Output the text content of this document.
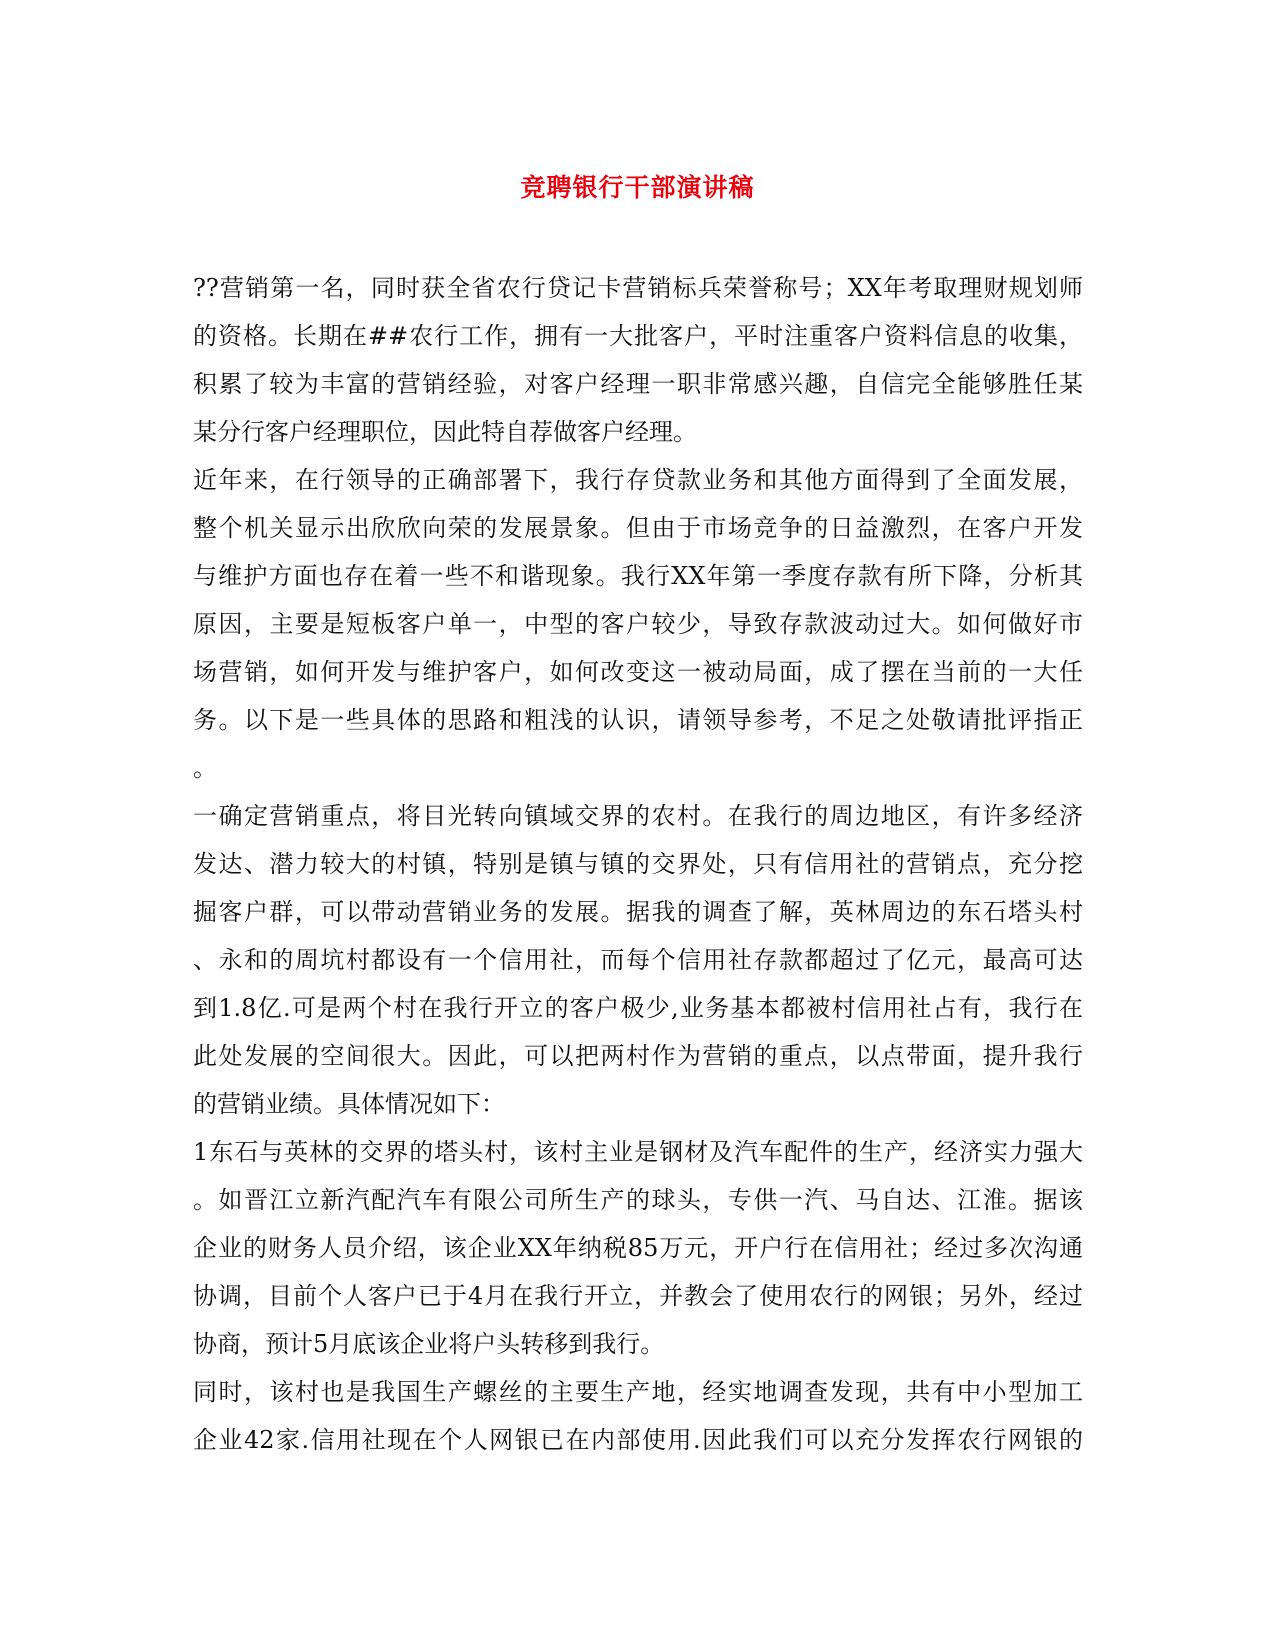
竞聘银行干部演讲稿
??营销第一名，同时获全省农行贷记卡营销标兵荣誉称号；XX年考取理财规划师
的资格。长期在##农行工作，拥有一大批客户，平时注重客户资料信息的收集，
积累了较为丰富的营销经验，对客户经理一职非常感兴趣，自信完全能够胜任某
某分行客户经理职位，因此特自荐做客户经理。
近年来，在行领导的正确部署下，我行存贷款业务和其他方面得到了全面发展，
整个机关显示出欣欣向荣的发展景象。但由于市场竞争的日益激烈，在客户开发
与维护方面也存在着一些不和谐现象。我行XX年第一季度存款有所下降，分析其
原因，主要是短板客户单一，中型的客户较少，导致存款波动过大。如何做好市
场营销，如何开发与维护客户，如何改变这一被动局面，成了摆在当前的一大任
务。以下是一些具体的思路和粗浅的认识，请领导参考，不足之处敬请批评指正
。
一确定营销重点，将目光转向镇域交界的农村。在我行的周边地区，有许多经济
发达、潜力较大的村镇，特别是镇与镇的交界处，只有信用社的营销点，充分挖
掘客户群，可以带动营销业务的发展。据我的调查了解，英林周边的东石塔头村
、永和的周坑村都设有一个信用社，而每个信用社存款都超过了亿元，最高可达
到1.8亿.可是两个村在我行开立的客户极少,业务基本都被村信用社占有，我行在
此处发展的空间很大。因此，可以把两村作为营销的重点，以点带面，提升我行
的营销业绩。具体情况如下：
1东石与英林的交界的塔头村，该村主业是钢材及汽车配件的生产，经济实力强大
。如晋江立新汽配汽车有限公司所生产的球头，专供一汽、马自达、江淮。据该
企业的财务人员介绍，该企业XX年纳税85万元，开户行在信用社；经过多次沟通
协调，目前个人客户已于4月在我行开立，并教会了使用农行的网银；另外，经过
协商，预计5月底该企业将户头转移到我行。
同时，该村也是我国生产螺丝的主要生产地，经实地调查发现，共有中小型加工
企业42家.信用社现在个人网银已在内部使用.因此我们可以充分发挥农行网银的
